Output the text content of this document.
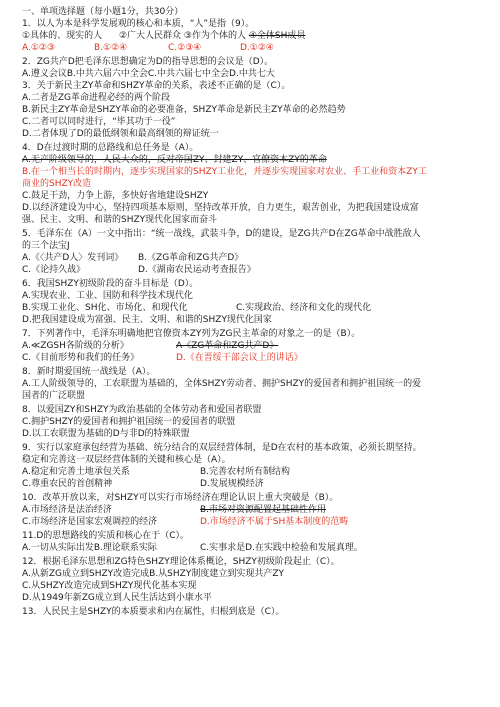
一、单项选择题（每小题1分，共30分）
1．以人为本是科学发展观的核心和本质，“人”是指（9）。
①具体的、现实的人 ②广大人民群众 ③作为个体的人 ④全体SH成员
A.①②③	B.①②④	C.②③④	D.①②④
2．ZG共产D把毛泽东思想确定为D的指导思想的会议是（D）。
A.遵义会议B.中共六届六中全会C.中共六届七中全会D.中共七大
3．关于新民主ZY革命和SHZY革命的关系，表述不正确的是（C）。
A.二者是ZG革命进程必经的两个阶段
B.新民主ZY革命是SHZY革命的必要准备，SHZY革命是新民主ZY革命的必然趋势
C.二者可以同时进行，“毕其功于一役”
D.二者体现了D的最低纲领和最高纲领的辩证统一
4．D在过渡时期的总路线和总任务是（A）。
A.无产阶级领导的，人民大众的，反对帝国ZY、封建ZY、官僚资本ZY的革命
B.在一个相当长的时期内，逐步实现国家的SHZY工业化，并逐步实现国家对农业、手工业和资本ZY工
商业的SHZY改造
C.鼓足干劲，力争上游，多快好省地建设SHZY
D.以经济建设为中心，坚持四项基本原则，坚持改革开放，自力更生，艰苦创业，为把我国建设成富
强、民主、文明、和谐的SHZY现代化国家而奋斗
5．毛泽东在（A）一文中指出：“统一战线，武装斗争，D的建设，是ZG共产D在ZG革命中战胜敌人
的三个法宝J
A.《〈共产D人〉发刊词》 B.《ZG革命和ZG共产D》
C.《论持久战》	D.《湖南农民运动考查报告》
6．我国SHZY初级阶段的奋斗目标是（D）。
A.实现农业、工业、国防和科学技术现代化
B.实现工业化、SH化、市场化、和现代化	C.实现政治、经济和文化的现代化
D.把我国建设成为富强、民主、文明、和谐的SHZY现代化国家
7．下列著作中，毛泽东明确地把官僚资本ZY列为ZG民主革命的对象之一的是（B）。
A.≪ZGSH各阶级的分析》	A《ZG革命和ZG共产D》
C.《目前形势和我们的任务》	D.《在晋绥干部会议上的讲话》
8．新时期爱国统一战线是（A）。
A.工人阶级领导的，工农联盟为基础的，全体SHZY劳动者、拥护SHZY的爱国者和拥护祖国统一的爱
国者的广泛联盟
8．以爱国ZY和SHZY为政治基础的全体劳动者和爱国者联盟
C.拥护SHZY的爱国者和拥护祖国统一的爱国者的联盟
D.以工农联盟为基础的D与非D的特殊联盟
9．实行以家庭承包经营为基础、统分结合的双层经营体制，是D在农村的基本政策，必须长期坚持。
稳定和完善这一双层经营体制的关键和核心是（A）。
A.稳定和完善土地承包关系	B.完善农村所有制结构
C.尊重农民的首创精神	D.发展规模经济
10．改革开放以来，对SHZY可以实行市场经济在理论认识上重大突破是（B）。
A.市场经济是法治经济	B.市场对资源配置起基础性作用
C.市场经济是国家宏观调控的经济	D.市场经济不属于SH基本制度的范畴
11.D的思想路线的实质和核心在于（C）。
A.一切从实际出发B.理论联系实际	C.实事求是D.在实践中检验和发展真理。
12．根据毛泽东思想和ZG特色SHZY理论体系概论，SHZY初级阶段起止（C）。
A.从新ZG成立到SHZY改造完成B.从SHZY制度建立到实现共产ZY
C.从SHZY改造完成到SHZY现代化基本实现
D.从1949年新ZG成立到人民生活达到小康水平
13．人民民主是SHZY的本质要求和内在属性，归根到底是（C）。
